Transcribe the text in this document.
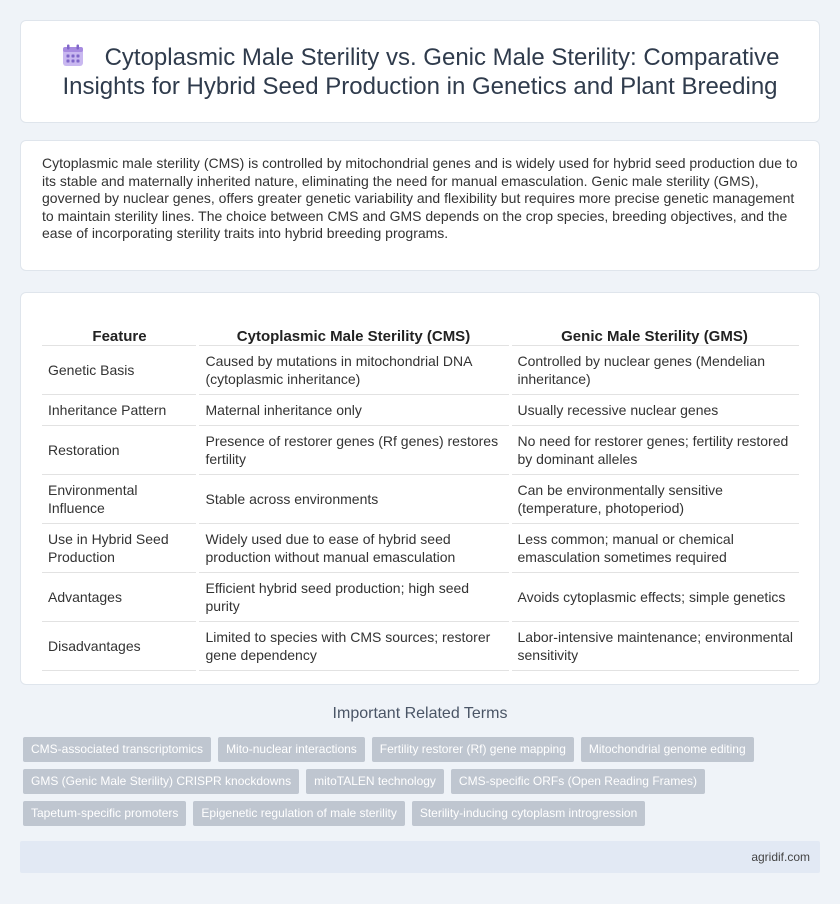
Cytoplasmic Male Sterility vs. Genic Male Sterility: Comparative Insights for Hybrid Seed Production in Genetics and Plant Breeding

Cytoplasmic male sterility (CMS) is controlled by mitochondrial genes and is widely used for hybrid seed production due to its stable and maternally inherited nature, eliminating the need for manual emasculation. Genic male sterility (GMS), governed by nuclear genes, offers greater genetic variability and flexibility but requires more precise genetic management to maintain sterility lines. The choice between CMS and GMS depends on the crop species, breeding objectives, and the ease of incorporating sterility traits into hybrid breeding programs.

Feature	Cytoplasmic Male Sterility (CMS)	Genic Male Sterility (GMS)
Genetic Basis	Caused by mutations in mitochondrial DNA (cytoplasmic inheritance)	Controlled by nuclear genes (Mendelian inheritance)
Inheritance Pattern	Maternal inheritance only	Usually recessive nuclear genes
Restoration	Presence of restorer genes (Rf genes) restores fertility	No need for restorer genes; fertility restored by dominant alleles
Environmental Influence	Stable across environments	Can be environmentally sensitive (temperature, photoperiod)
Use in Hybrid Seed Production	Widely used due to ease of hybrid seed production without manual emasculation	Less common; manual or chemical emasculation sometimes required
Advantages	Efficient hybrid seed production; high seed purity	Avoids cytoplasmic effects; simple genetics
Disadvantages	Limited to species with CMS sources; restorer gene dependency	Labor-intensive maintenance; environmental sensitivity
Important Related Terms
CMS-associated transcriptomics	Mito-nuclear interactions	Fertility restorer (Rf) gene mapping	Mitochondrial genome editing
GMS (Genic Male Sterility) CRISPR knockdowns	mitoTALEN technology	CMS-specific ORFs (Open Reading Frames)
Tapetum-specific promoters	Epigenetic regulation of male sterility	Sterility-inducing cytoplasm introgression
agridif.com
